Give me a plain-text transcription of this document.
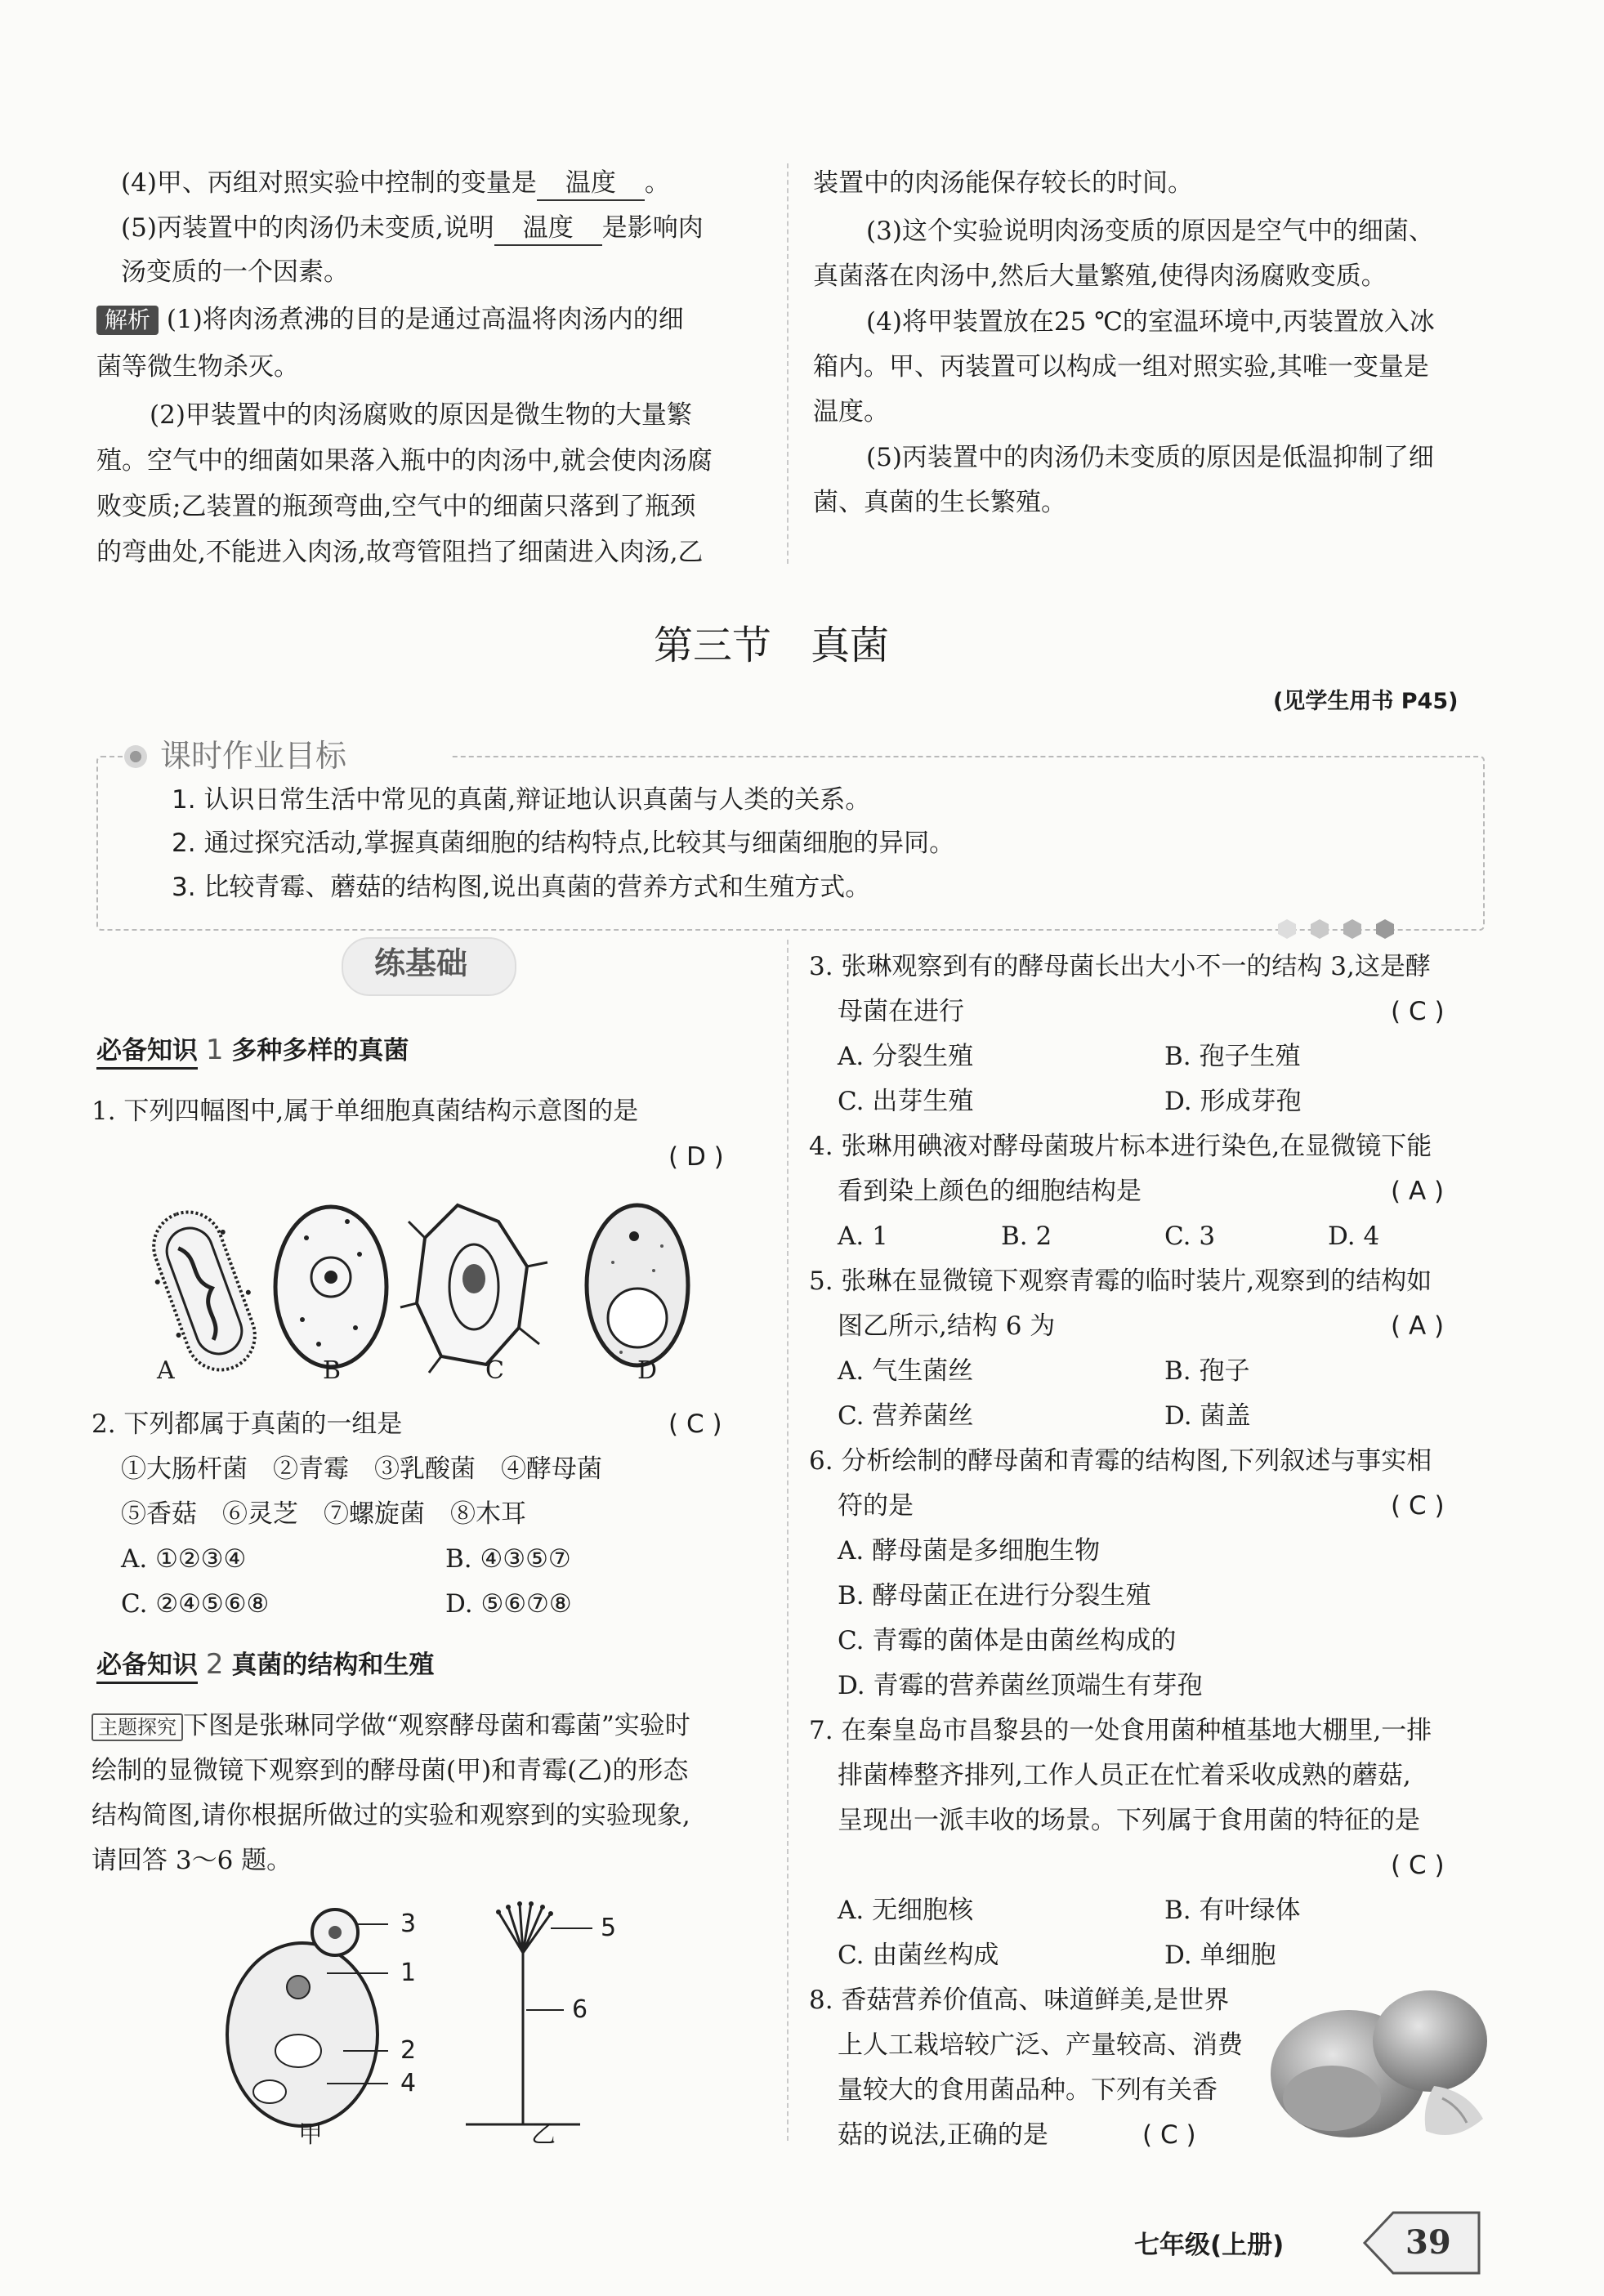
(4)甲、丙组对照实验中控制的变量是 温度 。
(5)丙装置中的肉汤仍未变质,说明 温度 是影响肉
汤变质的一个因素。
解析 (1)将肉汤煮沸的目的是通过高温将肉汤内的细
菌等微生物杀灭。
(2)甲装置中的肉汤腐败的原因是微生物的大量繁
殖。空气中的细菌如果落入瓶中的肉汤中,就会使肉汤腐
败变质;乙装置的瓶颈弯曲,空气中的细菌只落到了瓶颈
的弯曲处,不能进入肉汤,故弯管阻挡了细菌进入肉汤,乙
装置中的肉汤能保存较长的时间。
(3)这个实验说明肉汤变质的原因是空气中的细菌、
真菌落在肉汤中,然后大量繁殖,使得肉汤腐败变质。
(4)将甲装置放在25 ℃的室温环境中,丙装置放入冰
箱内。甲、丙装置可以构成一组对照实验,其唯一变量是
温度。
(5)丙装置中的肉汤仍未变质的原因是低温抑制了细
菌、真菌的生长繁殖。
第三节　真菌
(见学生用书 P45)
课时作业目标
1. 认识日常生活中常见的真菌,辩证地认识真菌与人类的关系。
2. 通过探究活动,掌握真菌细胞的结构特点,比较其与细菌细胞的异同。
3. 比较青霉、蘑菇的结构图,说出真菌的营养方式和生殖方式。
练基础
必备知识 1 多种多样的真菌
1. 下列四幅图中,属于单细胞真菌结构示意图的是
( D )
A	B	C	D
2. 下列都属于真菌的一组是	( C )
①大肠杆菌　②青霉　③乳酸菌　④酵母菌
⑤香菇　⑥灵芝　⑦螺旋菌　⑧木耳
A. ①②③④	B. ④③⑤⑦
C. ②④⑤⑥⑧	D. ⑤⑥⑦⑧
必备知识 2 真菌的结构和生殖
主题探究 下图是张琳同学做“观察酵母菌和霉菌”实验时
绘制的显微镜下观察到的酵母菌(甲)和青霉(乙)的形态
结构简图,请你根据所做过的实验和观察到的实验现象,
请回答 3～6 题。
3
1
2
4
5
6
甲	乙
3. 张琳观察到有的酵母菌长出大小不一的结构 3,这是酵
母菌在进行	( C )
A. 分裂生殖	B. 孢子生殖
C. 出芽生殖	D. 形成芽孢
4. 张琳用碘液对酵母菌玻片标本进行染色,在显微镜下能
看到染上颜色的细胞结构是	( A )
A. 1	B. 2	C. 3	D. 4
5. 张琳在显微镜下观察青霉的临时装片,观察到的结构如
图乙所示,结构 6 为	( A )
A. 气生菌丝	B. 孢子
C. 营养菌丝	D. 菌盖
6. 分析绘制的酵母菌和青霉的结构图,下列叙述与事实相
符的是	( C )
A. 酵母菌是多细胞生物
B. 酵母菌正在进行分裂生殖
C. 青霉的菌体是由菌丝构成的
D. 青霉的营养菌丝顶端生有芽孢
7. 在秦皇岛市昌黎县的一处食用菌种植基地大棚里,一排
排菌棒整齐排列,工作人员正在忙着采收成熟的蘑菇,
呈现出一派丰收的场景。下列属于食用菌的特征的是
( C )
A. 无细胞核	B. 有叶绿体
C. 由菌丝构成	D. 单细胞
8. 香菇营养价值高、味道鲜美,是世界
上人工栽培较广泛、产量较高、消费
量较大的食用菌品种。下列有关香
菇的说法,正确的是	( C )
七年级(上册)	39
